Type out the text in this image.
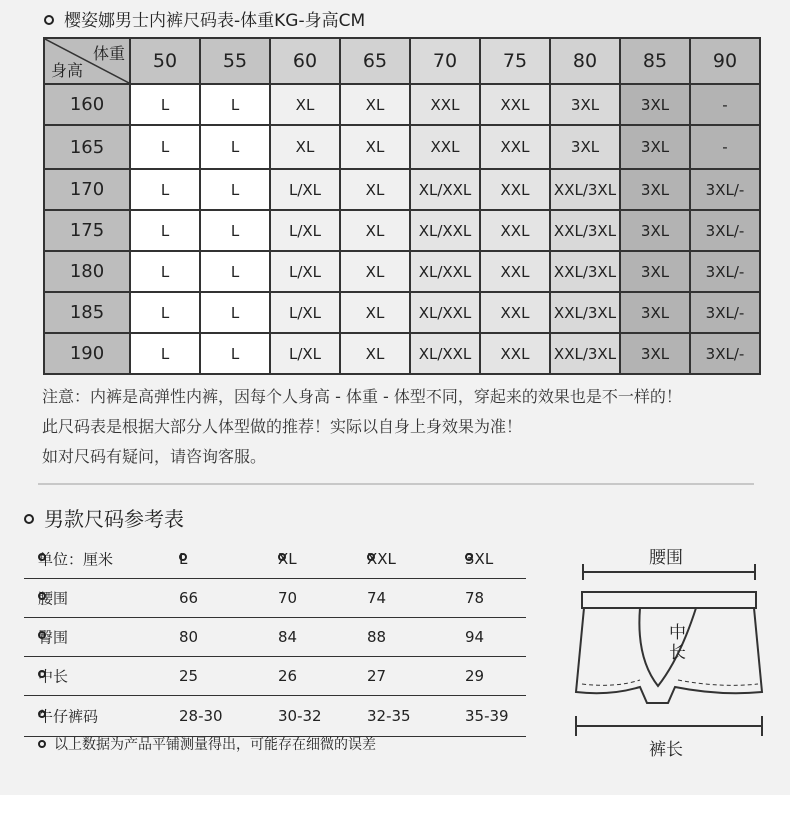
樱姿娜男士内裤尺码表-体重KG-身高CM
体重
身高	50	55	60	65	70	75	80	85	90
160	L	L	XL	XL	XXL	XXL	3XL	3XL	-
165	L	L	XL	XL	XXL	XXL	3XL	3XL	-
170	L	L	L/XL	XL	XL/XXL	XXL	XXL/3XL	3XL	3XL/-
175	L	L	L/XL	XL	XL/XXL	XXL	XXL/3XL	3XL	3XL/-
180	L	L	L/XL	XL	XL/XXL	XXL	XXL/3XL	3XL	3XL/-
185	L	L	L/XL	XL	XL/XXL	XXL	XXL/3XL	3XL	3XL/-
190	L	L	L/XL	XL	XL/XXL	XXL	XXL/3XL	3XL	3XL/-
注意：内裤是高弹性内裤，因每个人身高 - 体重 - 体型不同，穿起来的效果也是不一样的！
此尺码表是根据大部分人体型做的推荐！实际以自身上身效果为准！
如对尺码有疑问，请咨询客服。
男款尺码参考表
单位：厘米	L	XL	XXL	3XL
腰围	66	70	74	78
臀围	80	84	88	94
中长	25	26	27	29
牛仔裤码	28-30	30-32	32-35	35-39
以上数据为产品平铺测量得出，可能存在细微的误差
腰围
中
长
裤长
